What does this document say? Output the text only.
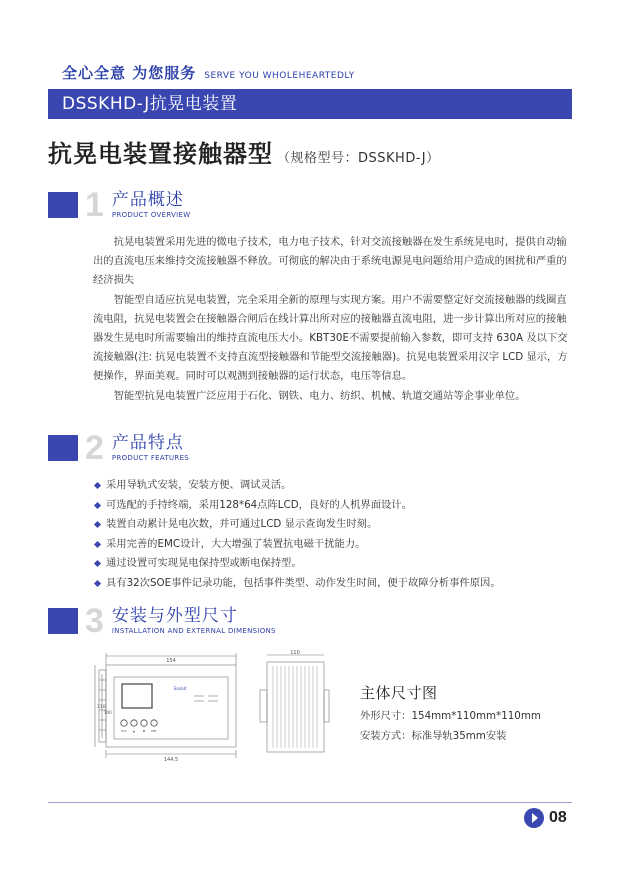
全心全意 为您服务 SERVE YOU WHOLEHEARTEDLY
DSSKHD-J抗晃电装置
抗晃电装置接触器型 （规格型号：DSSKHD-J）
1 产品概述
PRODUCT OVERVIEW

抗晃电装置采用先进的微电子技术，电力电子技术，针对交流接触器在发生系统晃电时，提供自动输出的直流电压来维持交流接触器不释放。可彻底的解决由于系统电源晃电问题给用户造成的困扰和严重的经济损失

智能型自适应抗晃电装置，完全采用全新的原理与实现方案。用户不需要整定好交流接触器的线圈直流电阻，抗晃电装置会在接触器合闸后在线计算出所对应的接触器直流电阻，进一步计算出所对应的接触器发生晃电时所需要输出的维持直流电压大小。KBT30E不需要提前输入参数，即可支持 630A 及以下交流接触器(注: 抗晃电装置不支持直流型接触器和节能型交流接触器)。抗晃电装置采用汉字 LCD 显示，方便操作，界面美观。同时可以观测到接触器的运行状态，电压等信息。

智能型抗晃电装置广泛应用于石化、钢铁、电力、纺织、机械、轨道交通站等企事业单位。

2 产品特点
PRODUCT FEATURES
采用导轨式安装，安装方便、调试灵活。
可选配的手持终端，采用128*64点阵LCD，良好的人机界面设计。
装置自动累计晃电次数，并可通过LCD 显示查询发生时刻。
采用完善的EMC设计，大大增强了装置抗电磁干扰能力。
通过设置可实现晃电保持型或断电保持型。
具有32次SOE事件记录功能，包括事件类型、动作发生时间，便于故障分析事件原因。
3 安装与外型尺寸
INSTALLATION AND EXTERNAL DIMENSIONS
154
144.5
110
110
100
Ensait
ESC ▲	▼	ENT
主体尺寸图
外形尺寸：154mm*110mm*110mm
安装方式：标准导轨35mm安装
08
